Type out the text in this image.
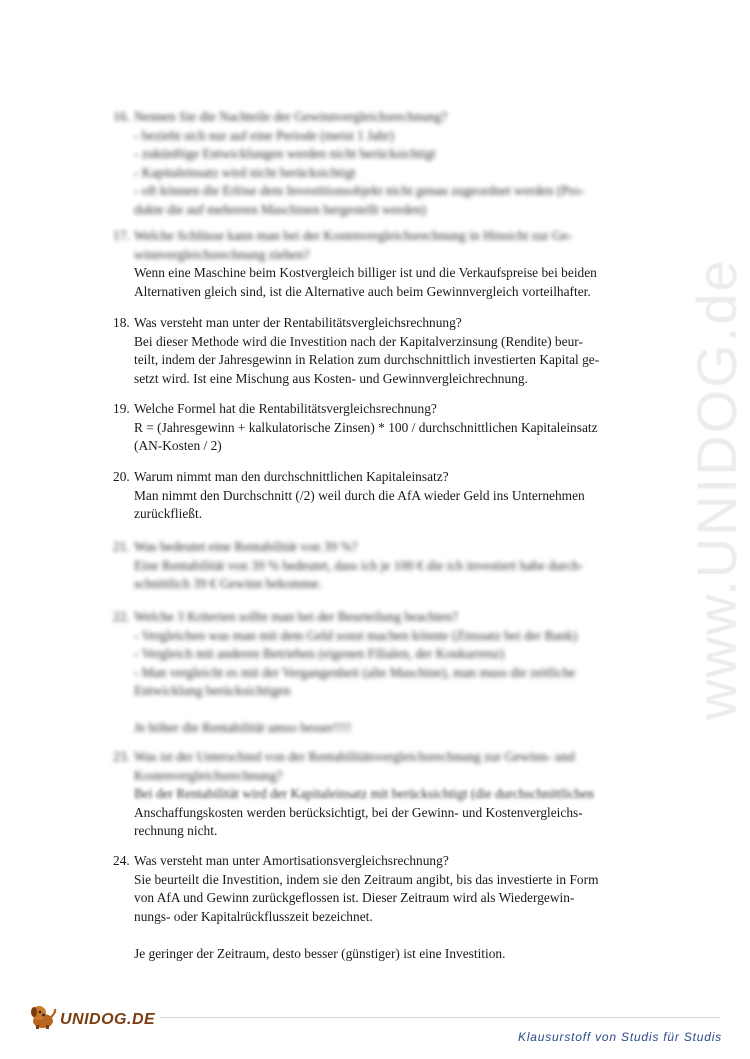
www.UNIDOG.de
16. Nennen Sie die Nachteile der Gewinnvergleichsrechnung?
- bezieht sich nur auf eine Periode (meist 1 Jahr)
- zukünftige Entwicklungen werden nicht berücksichtigt
- Kapitaleinsatz wird nicht berücksichtigt
- oft können die Erlöse dem Investitionsobjekt nicht genau zugeordnet werden (Pro-
dukte die auf mehreren Maschinen hergestellt werden)
17. Welche Schlüsse kann man bei der Kostenvergleichsrechnung in Hinsicht zur Ge-
winnvergleichsrechnung ziehen?
Wenn eine Maschine beim Kostvergleich billiger ist und die Verkaufspreise bei beiden
Alternativen gleich sind, ist die Alternative auch beim Gewinnvergleich vorteilhafter.
18. Was versteht man unter der Rentabilitätsvergleichsrechnung?
Bei dieser Methode wird die Investition nach der Kapitalverzinsung (Rendite) beur-
teilt, indem der Jahresgewinn in Relation zum durchschnittlich investierten Kapital ge-
setzt wird. Ist eine Mischung aus Kosten- und Gewinnvergleichrechnung.
19. Welche Formel hat die Rentabilitätsvergleichsrechnung?
R = (Jahresgewinn + kalkulatorische Zinsen) * 100 / durchschnittlichen Kapitaleinsatz
(AN-Kosten / 2)
20. Warum nimmt man den durchschnittlichen Kapitaleinsatz?
Man nimmt den Durchschnitt (/2) weil durch die AfA wieder Geld ins Unternehmen
zurückfließt.
21. Was bedeutet eine Rentabilität von 39 %?
Eine Rentabilität von 39 % bedeutet, dass ich je 100 € die ich investiert habe durch-
schnittlich 39 € Gewinn bekomme.
22. Welche 3 Kriterien sollte man bei der Beurteilung beachten?
- Vergleichen was man mit dem Geld sonst machen könnte (Zinssatz bei der Bank)
- Vergleich mit anderen Betrieben (eigenen Filialen, der Konkurrenz)
- Man vergleicht es mit der Vergangenheit (alte Maschine), man muss die zeitliche
Entwicklung berücksichtigen
Je höher die Rentabilität umso besser!!!!
23. Was ist der Unterschied von der Rentabilitätsvergleichsrechnung zur Gewinn- und
Kostenvergleichsrechnung?
Bei der Rentabilität wird der Kapitaleinsatz mit berücksichtigt (die durchschnittlichen
Anschaffungskosten werden berücksichtigt, bei der Gewinn- und Kostenvergleichs-
rechnung nicht.
24. Was versteht man unter Amortisationsvergleichsrechnung?
Sie beurteilt die Investition, indem sie den Zeitraum angibt, bis das investierte in Form
von AfA und Gewinn zurückgeflossen ist. Dieser Zeitraum wird als Wiedergewin-
nungs- oder Kapitalrückflusszeit bezeichnet.
Je geringer der Zeitraum, desto besser (günstiger) ist eine Investition.
UNIDOG.DE
Klausurstoff von Studis für Studis
